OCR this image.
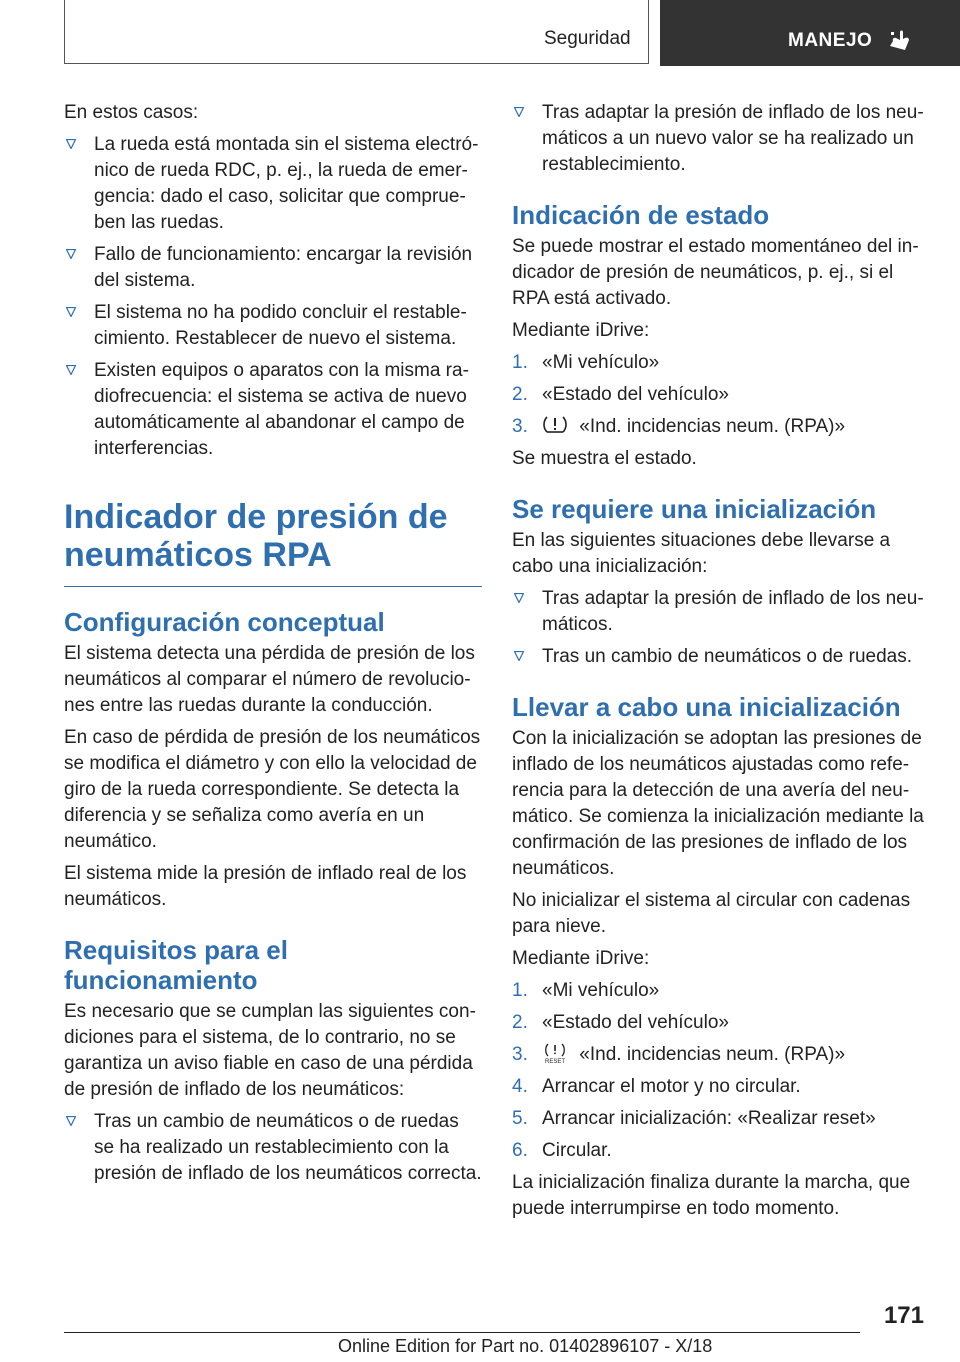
Seguridad	MANEJO

En estos casos:

La rueda está montada sin el sistema electrónico de rueda RDC, p. ej., la rueda de emergencia: dado el caso, solicitar que comprueben las ruedas.
Fallo de funcionamiento: encargar la revisión del sistema.
El sistema no ha podido concluir el restablecimiento. Restablecer de nuevo el sistema.
Existen equipos o aparatos con la misma radiofrecuencia: el sistema se activa de nuevo automáticamente al abandonar el campo de interferencias.
Indicador de presión de neumáticos RPA
Configuración conceptual

El sistema detecta una pérdida de presión de los neumáticos al comparar el número de revoluciones entre las ruedas durante la conducción.

En caso de pérdida de presión de los neumáticos se modifica el diámetro y con ello la velocidad de giro de la rueda correspondiente. Se detecta la diferencia y se señaliza como avería en un neumático.

El sistema mide la presión de inflado real de los neumáticos.

Requisitos para el funcionamiento

Es necesario que se cumplan las siguientes condiciones para el sistema, de lo contrario, no se garantiza un aviso fiable en caso de una pérdida de presión de inflado de los neumáticos:

Tras un cambio de neumáticos o de ruedas se ha realizado un restablecimiento con la presión de inflado de los neumáticos correcta.
Tras adaptar la presión de inflado de los neumáticos a un nuevo valor se ha realizado un restablecimiento.
Indicación de estado

Se puede mostrar el estado momentáneo del indicador de presión de neumáticos, p. ej., si el RPA está activado.

Mediante iDrive:

1. «Mi vehículo»
2. «Estado del vehículo»
3.	«Ind. incidencias neum. (RPA)»

Se muestra el estado.

Se requiere una inicialización

En las siguientes situaciones debe llevarse a cabo una inicialización:

Tras adaptar la presión de inflado de los neumáticos.
Tras un cambio de neumáticos o de ruedas.
Llevar a cabo una inicialización

Con la inicialización se adoptan las presiones de inflado de los neumáticos ajustadas como referencia para la detección de una avería del neumático. Se comienza la inicialización mediante la confirmación de las presiones de inflado de los neumáticos.

No inicializar el sistema al circular con cadenas para nieve.

Mediante iDrive:

1. «Mi vehículo»
2. «Estado del vehículo»
3.	RESET «Ind. incidencias neum. (RPA)»
4. Arrancar el motor y no circular.
5. Arrancar inicialización: «Realizar reset»
6. Circular.

La inicialización finaliza durante la marcha, que puede interrumpirse en todo momento.

171
Online Edition for Part no. 01402896107 - X/18
